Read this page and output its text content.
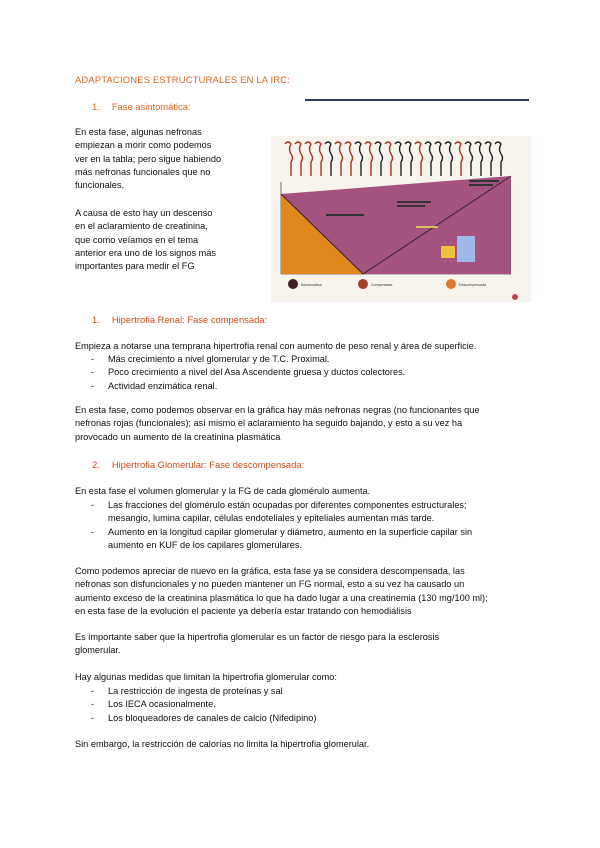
ADAPTACIONES ESTRUCTURALES EN LA IRC:
1. Fase asintomática:
En esta fase, algunas nefronas
empiezan a morir como podemos
ver en la tabla; pero sigue habiendo
más nefronas funcionales que no
funcionales.
A causa de esto hay un descenso
en el aclaramiento de creatinina,
que como veíamos en el tema
anterior era uno de los signos más
importantes para medir el FG
Asintomática	Compensada	Descompensada
1. Hipertrofia Renal: Fase compensada:
Empieza a notarse una temprana hipertrofia renal con aumento de peso renal y área de superficie.
- Más crecimiento a nivel glomerular y de T.C. Proximal.
- Poco crecimiento a nivel del Asa Ascendente gruesa y ductos colectores.
- Actividad enzimática renal.
En esta fase, como podemos observar en la gráfica hay más nefronas negras (no funcionantes que
nefronas rojas (funcionales); así mismo el aclaramiento ha seguido bajando, y esto a su vez ha
provocado un aumento de la creatinina plasmática
2. Hipertrofia Glomerular: Fase descompensada:
En esta fase el volumen glomerular y la FG de cada glomérulo aumenta.
- Las fracciones del glomérulo están ocupadas por diferentes componentes estructurales;
mesangio, lumina capilar, células endoteliales y epiteliales aumentan más tarde.
- Aumento en la longitud capilar glomerular y diámetro, aumento en la superficie capilar sin
aumento en KUF de los capilares glomerulares.
Como podemos apreciar de nuevo en la gráfica, esta fase ya se considera descompensada, las
nefronas son disfuncionales y no pueden mantener un FG normal, esto a su vez ha causado un
aumento exceso de la creatinina plasmática lo que ha dado lugar a una creatinemia (130 mg/100 ml);
en esta fase de la evolución el paciente ya debería estar tratando con hemodiálisis
Es importante saber que la hipertrofia glomerular es un factor de riesgo para la esclerosis
glomerular.
Hay algunas medidas que limitan la hipertrofia glomerular como:
- La restricción de ingesta de proteínas y sal
- Los IECA ocasionalmente.
- Los bloqueadores de canales de calcio (Nifedipino)
Sin embargo, la restricción de calorías no limita la hipertrofia glomerular.
